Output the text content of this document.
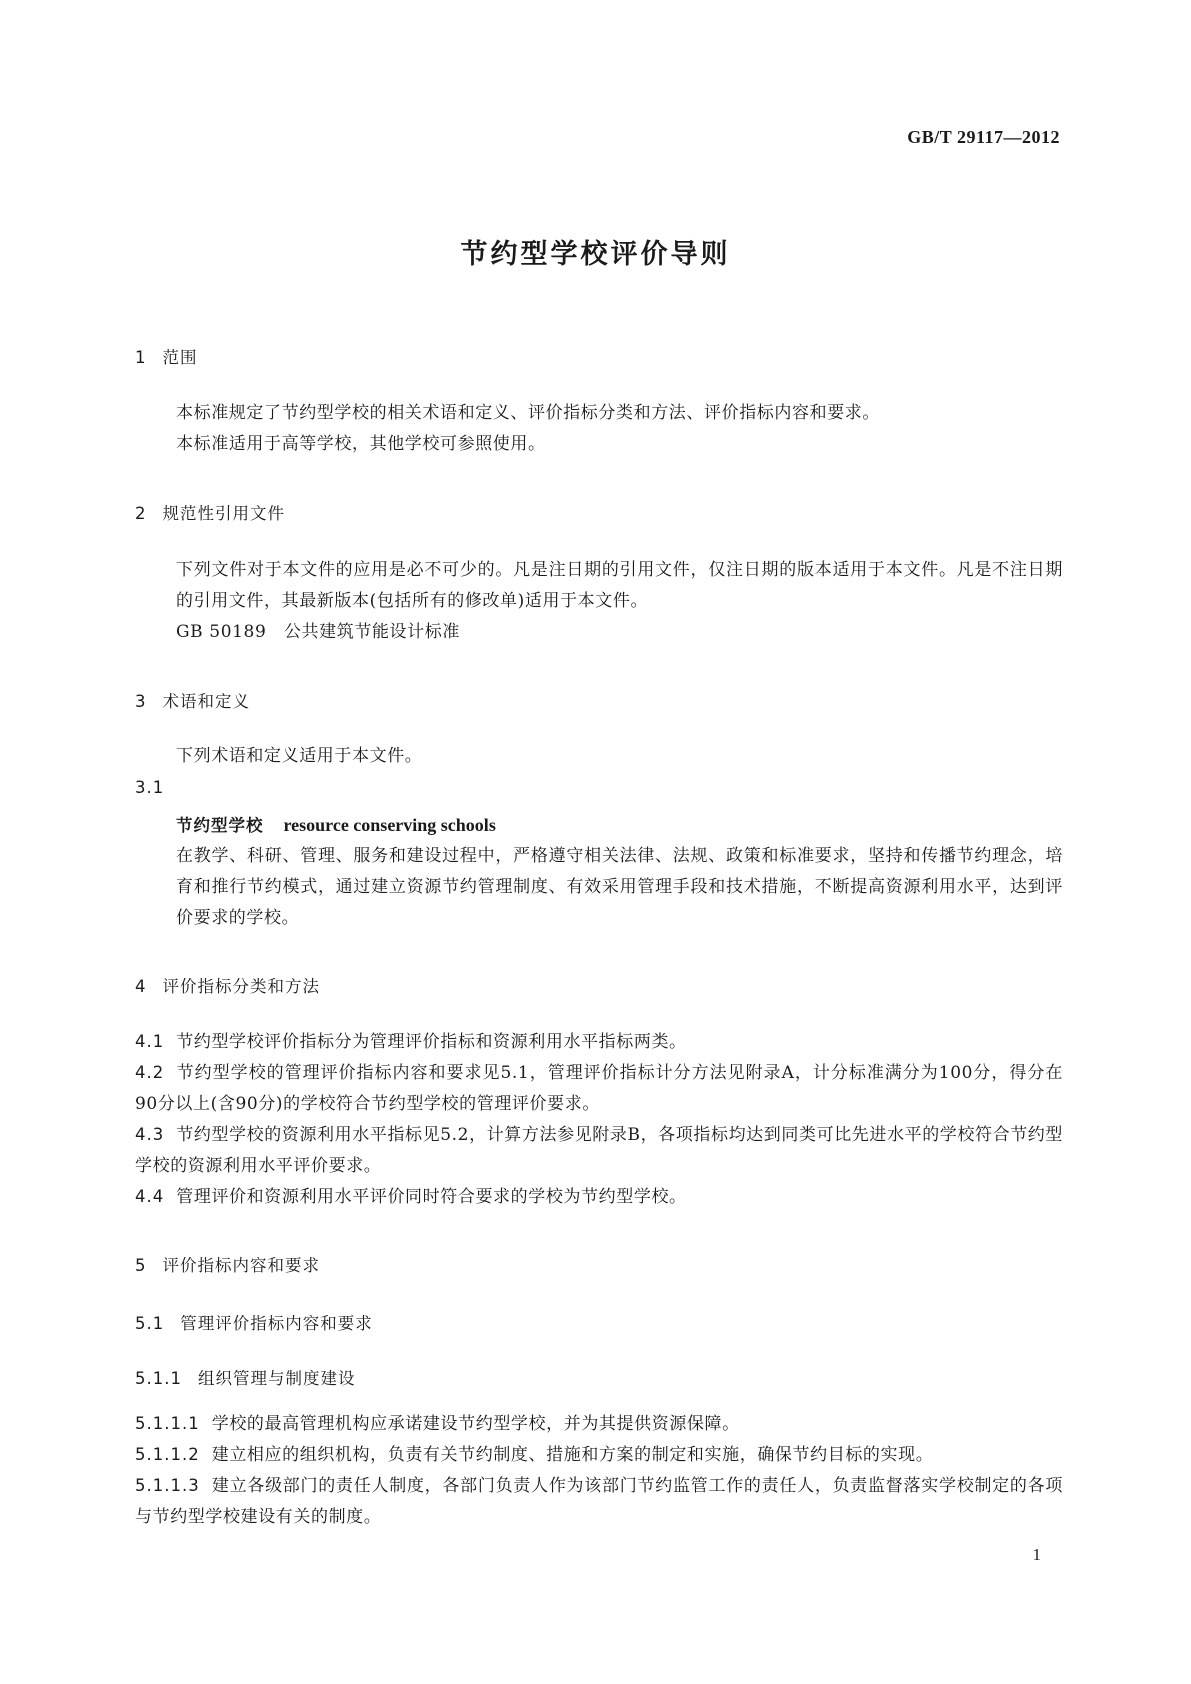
GB/T 29117—2012
节约型学校评价导则
1 范围
本标准规定了节约型学校的相关术语和定义、评价指标分类和方法、评价指标内容和要求。
本标准适用于高等学校，其他学校可参照使用。
2 规范性引用文件
下列文件对于本文件的应用是必不可少的。凡是注日期的引用文件，仅注日期的版本适用于本文件。凡是不注日期的引用文件，其最新版本(包括所有的修改单)适用于本文件。
GB 50189　公共建筑节能设计标准
3 术语和定义
下列术语和定义适用于本文件。
3.1
节约型学校 resource conserving schools
在教学、科研、管理、服务和建设过程中，严格遵守相关法律、法规、政策和标准要求，坚持和传播节约理念，培育和推行节约模式，通过建立资源节约管理制度、有效采用管理手段和技术措施，不断提高资源利用水平，达到评价要求的学校。
4 评价指标分类和方法
4.1 节约型学校评价指标分为管理评价指标和资源利用水平指标两类。
4.2 节约型学校的管理评价指标内容和要求见5.1，管理评价指标计分方法见附录A，计分标准满分为100分，得分在90分以上(含90分)的学校符合节约型学校的管理评价要求。
4.3 节约型学校的资源利用水平指标见5.2，计算方法参见附录B，各项指标均达到同类可比先进水平的学校符合节约型学校的资源利用水平评价要求。
4.4 管理评价和资源利用水平评价同时符合要求的学校为节约型学校。
5 评价指标内容和要求
5.1 管理评价指标内容和要求
5.1.1 组织管理与制度建设
5.1.1.1 学校的最高管理机构应承诺建设节约型学校，并为其提供资源保障。
5.1.1.2 建立相应的组织机构，负责有关节约制度、措施和方案的制定和实施，确保节约目标的实现。
5.1.1.3 建立各级部门的责任人制度，各部门负责人作为该部门节约监管工作的责任人，负责监督落实学校制定的各项与节约型学校建设有关的制度。
1
